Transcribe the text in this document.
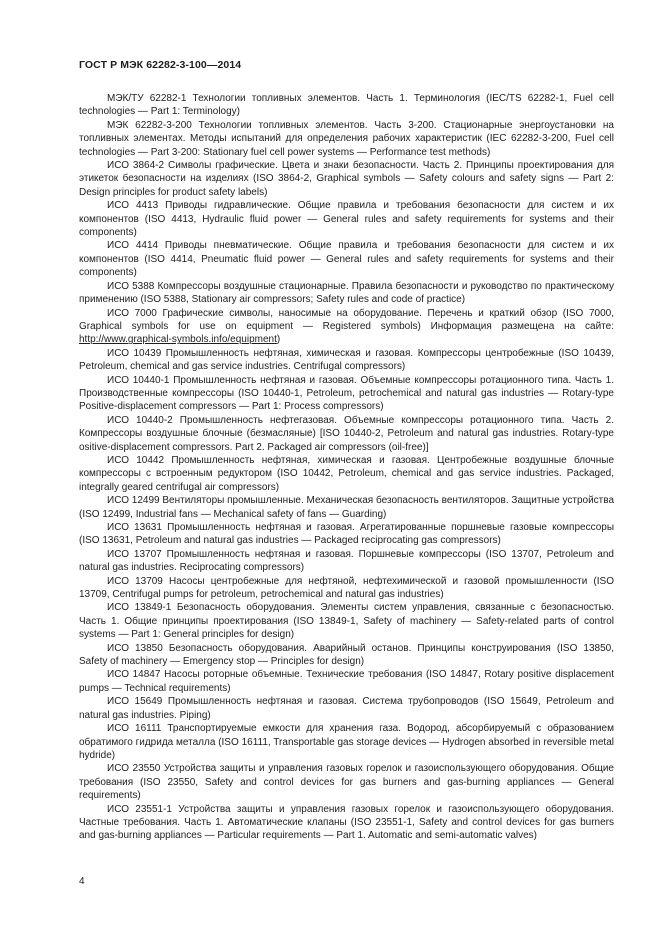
ГОСТ Р МЭК 62282-3-100—2014

МЭК/ТУ 62282-1 Технологии топливных элементов. Часть 1. Терминология (IEC/TS 62282-1, Fuel cell technologies — Part 1: Terminology)

МЭК 62282-3-200 Технологии топливных элементов. Часть 3-200. Стационарные энергоустановки на топливных элементах. Методы испытаний для определения рабочих характеристик (IEC 62282-3-200, Fuel cell technologies — Part 3-200: Stationary fuel cell power systems — Performance test methods)

ИСО 3864-2 Символы графические. Цвета и знаки безопасности. Часть 2. Принципы проектирования для этикеток безопасности на изделиях (ISO 3864-2, Graphical symbols — Safety colours and safety signs — Part 2: Design principles for product safety labels)

ИСО 4413 Приводы гидравлические. Общие правила и требования безопасности для систем и их компонентов (ISO 4413, Hydraulic fluid power — General rules and safety requirements for systems and their components)

ИСО 4414 Приводы пневматические. Общие правила и требования безопасности для систем и их компонентов (ISO 4414, Pneumatic fluid power — General rules and safety requirements for systems and their components)

ИСО 5388 Компрессоры воздушные стационарные. Правила безопасности и руководство по практическому применению (ISO 5388, Stationary air compressors; Safety rules and code of practice)

ИСО 7000 Графические символы, наносимые на оборудование. Перечень и краткий обзор (ISO 7000, Graphical symbols for use on equipment — Registered symbols) Информация размещена на сайте: http://www.graphical-symbols.info/equipment)

ИСО 10439 Промышленность нефтяная, химическая и газовая. Компрессоры центробежные (ISO 10439, Petroleum, chemical and gas service industries. Centrifugal compressors)

ИСО 10440-1 Промышленность нефтяная и газовая. Объемные компрессоры ротационного типа. Часть 1. Производственные компрессоры (ISO 10440-1, Petroleum, petrochemical and natural gas industries — Rotary-type Positive-displacement compressors — Part 1: Process compressors)

ИСО 10440-2 Промышленность нефтегазовая. Объемные компрессоры ротационного типа. Часть 2. Компрессоры воздушные блочные (безмасляные) [ISO 10440-2, Petroleum and natural gas industries. Rotary-type ositive-displacement compressors. Part 2. Packaged air compressors (oil-free)]

ИСО 10442 Промышленность нефтяная, химическая и газовая. Центробежные воздушные блочные компрессоры с встроенным редуктором (ISO 10442, Petroleum, chemical and gas service industries. Packaged, integrally geared centrifugal air compressors)

ИСО 12499 Вентиляторы промышленные. Механическая безопасность вентиляторов. Защитные устройства (ISO 12499, Industrial fans — Mechanical safety of fans — Guarding)

ИСО 13631 Промышленность нефтяная и газовая. Агрегатированные поршневые газовые компрессоры (ISO 13631, Petroleum and natural gas industries — Packaged reciprocating gas compressors)

ИСО 13707 Промышленность нефтяная и газовая. Поршневые компрессоры (ISO 13707, Petroleum and natural gas industries. Reciprocating compressors)

ИСО 13709 Насосы центробежные для нефтяной, нефтехимической и газовой промышленности (ISO 13709, Centrifugal pumps for petroleum, petrochemical and natural gas industries)

ИСО 13849-1 Безопасность оборудования. Элементы систем управления, связанные с безопасностью. Часть 1. Общие принципы проектирования (ISO 13849-1, Safety of machinery — Safety-related parts of control systems — Part 1: General principles for design)

ИСО 13850 Безопасность оборудования. Аварийный останов. Принципы конструирования (ISO 13850, Safety of machinery — Emergency stop — Principles for design)

ИСО 14847 Насосы роторные объемные. Технические требования (ISO 14847, Rotary positive displacement pumps — Technical requirements)

ИСО 15649 Промышленность нефтяная и газовая. Система трубопроводов (ISO 15649, Petroleum and natural gas industries. Piping)

ИСО 16111 Транспортируемые емкости для хранения газа. Водород, абсорбируемый с образованием обратимого гидрида металла (ISO 16111, Transportable gas storage devices — Hydrogen absorbed in reversible metal hydride)

ИСО 23550 Устройства защиты и управления газовых горелок и газоиспользующего оборудования. Общие требования (ISO 23550, Safety and control devices for gas burners and gas-burning appliances — General requirements)

ИСО 23551-1 Устройства защиты и управления газовых горелок и газоиспользующего оборудования. Частные требования. Часть 1. Автоматические клапаны (ISO 23551-1, Safety and control devices for gas burners and gas-burning appliances — Particular requirements — Part 1. Automatic and semi-automatic valves)

4
